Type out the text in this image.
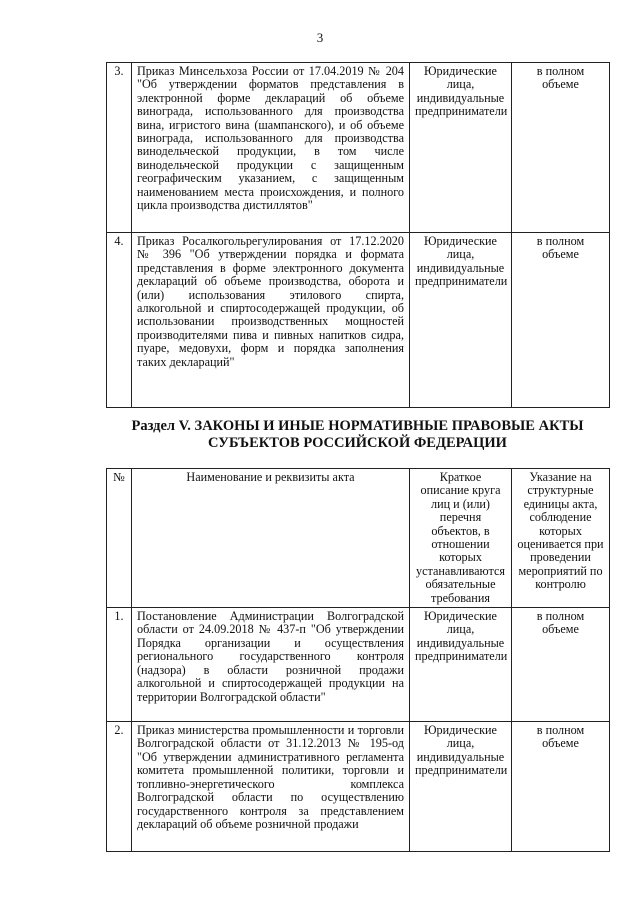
3
3.	Приказ Минсельхоза России от 17.04.2019 № 204 "Об утверждении форматов представления в электронной форме деклараций об объеме винограда, использованного для производства вина, игристого вина (шампанского), и об объеме винограда, использованного для производства винодельческой продукции, в том числе винодельческой продукции с защищенным географическим указанием, с защищенным наименованием места происхождения, и полного цикла производства дистиллятов"	Юридические лица, индивидуальные предприниматели	в полном объеме
4.	Приказ Росалкогольрегулирования от 17.12.2020 № 396 "Об утверждении порядка и формата представления в форме электронного документа деклараций об объеме производства, оборота и (или) использования этилового спирта, алкогольной и спиртосодержащей продукции, об использовании производственных мощностей производителями пива и пивных напитков сидра, пуаре, медовухи, форм и порядка заполнения таких деклараций"	Юридические лица, индивидуальные предприниматели	в полном объеме
Раздел V. ЗАКОНЫ И ИНЫЕ НОРМАТИВНЫЕ ПРАВОВЫЕ АКТЫ
СУБЪЕКТОВ РОССИЙСКОЙ ФЕДЕРАЦИИ
№	Наименование и реквизиты акта	Краткое описание круга лиц и (или) перечня объектов, в отношении которых устанавливаются обязательные требования	Указание на структурные единицы акта, соблюдение которых оценивается при проведении мероприятий по контролю
1.	Постановление Администрации Волгоградской области от 24.09.2018 № 437-п "Об утверждении Порядка организации и осуществления регионального государственного контроля (надзора) в области розничной продажи алкогольной и спиртосодержащей продукции на территории Волгоградской области"	Юридические лица, индивидуальные предприниматели	в полном объеме
2.	Приказ министерства промышленности и торговли Волгоградской области от 31.12.2013 № 195-од "Об утверждении административного регламента комитета промышленной политики, торговли и топливно-энергетического комплекса Волгоградской области по осуществлению государственного контроля за представлением деклараций об объеме розничной продажи	Юридические лица, индивидуальные предприниматели	в полном объеме
